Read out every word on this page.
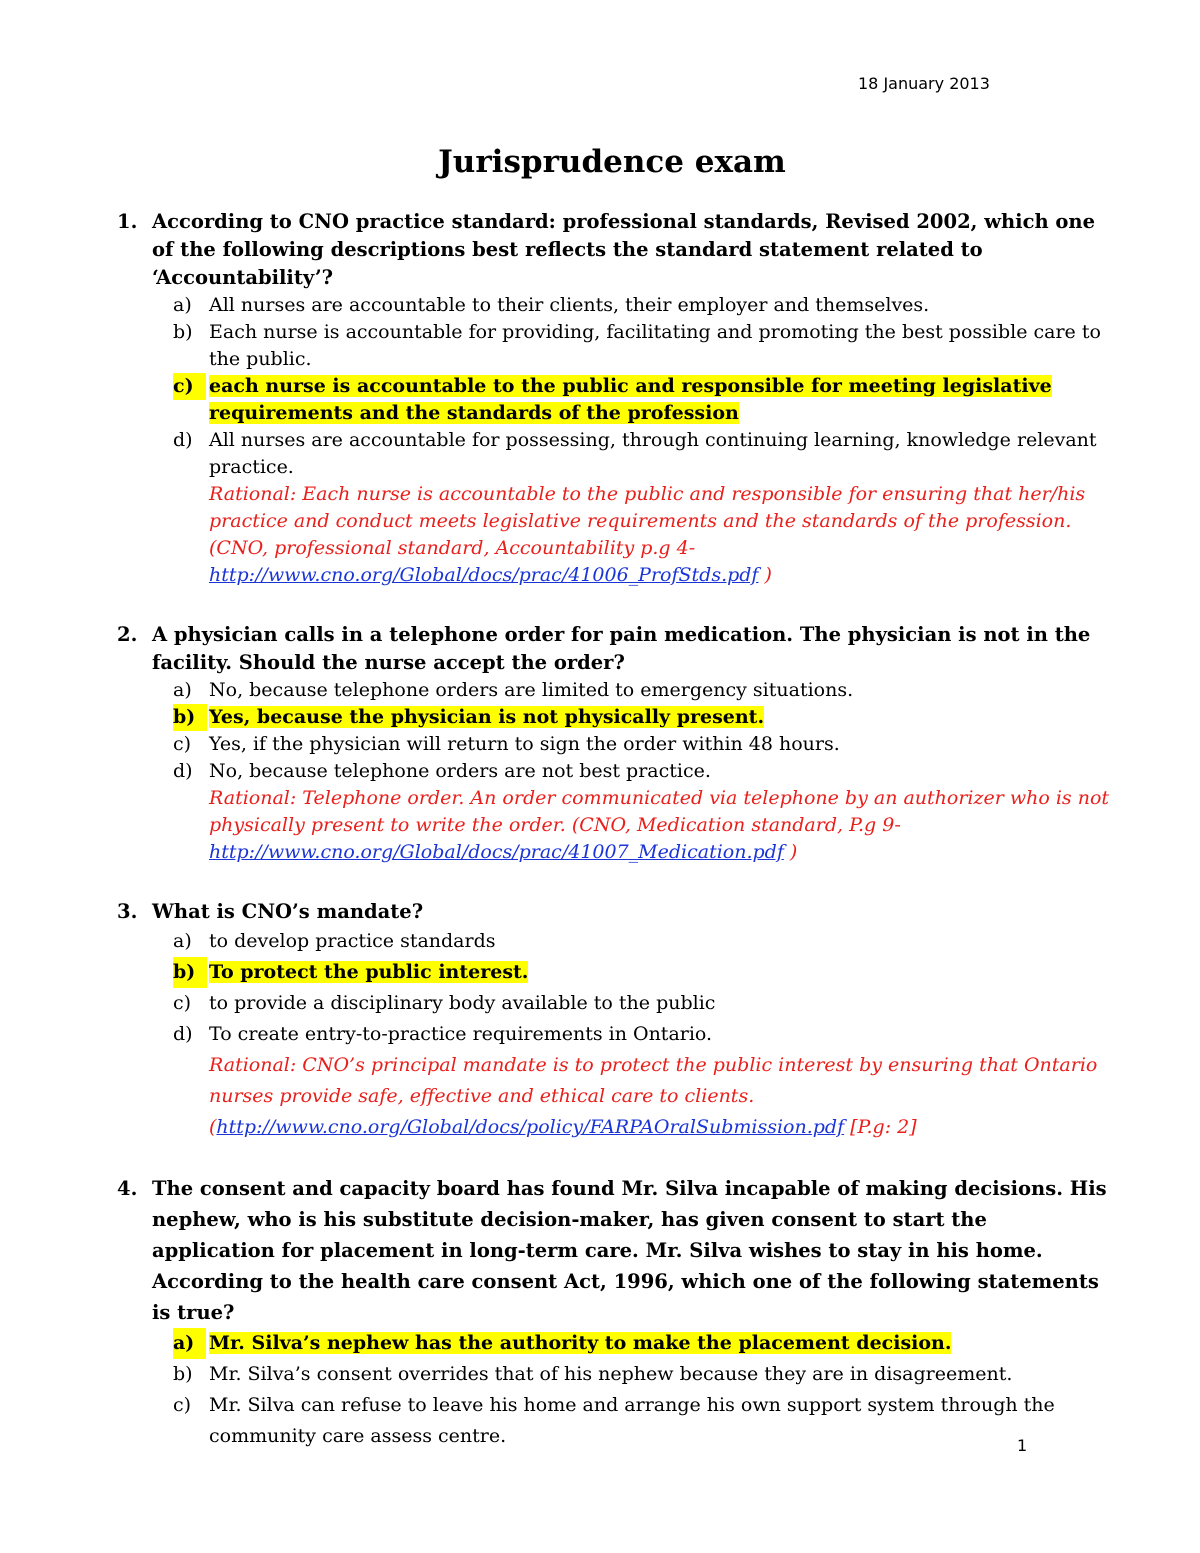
18 January 2013
Jurisprudence exam
1. According to CNO practice standard: professional standards, Revised 2002, which one of the following descriptions best reflects the standard statement related to ‘Accountability’?
a) All nurses are accountable to their clients, their employer and themselves.
b) Each nurse is accountable for providing, facilitating and promoting the best possible care to the public.
c) each nurse is accountable to the public and responsible for meeting legislative requirements and the standards of the profession
d) All nurses are accountable for possessing, through continuing learning, knowledge relevant practice.
Rational: Each nurse is accountable to the public and responsible for ensuring that her/his practice and conduct meets legislative requirements and the standards of the profession. (CNO, professional standard, Accountability p.g 4-
http://www.cno.org/Global/docs/prac/41006_ProfStds.pdf )
2. A physician calls in a telephone order for pain medication. The physician is not in the facility. Should the nurse accept the order?
a) No, because telephone orders are limited to emergency situations.
b) Yes, because the physician is not physically present.
c) Yes, if the physician will return to sign the order within 48 hours.
d) No, because telephone orders are not best practice.
Rational: Telephone order. An order communicated via telephone by an authorizer who is not physically present to write the order. (CNO, Medication standard, P.g 9-
http://www.cno.org/Global/docs/prac/41007_Medication.pdf )
3. What is CNO’s mandate?
a) to develop practice standards
b) To protect the public interest.
c) to provide a disciplinary body available to the public
d) To create entry-to-practice requirements in Ontario.
Rational: CNO’s principal mandate is to protect the public interest by ensuring that Ontario nurses provide safe, effective and ethical care to clients.
(http://www.cno.org/Global/docs/policy/FARPAOralSubmission.pdf [P.g: 2]
4. The consent and capacity board has found Mr. Silva incapable of making decisions. His nephew, who is his substitute decision-maker, has given consent to start the application for placement in long-term care. Mr. Silva wishes to stay in his home. According to the health care consent Act, 1996, which one of the following statements is true?
a) Mr. Silva’s nephew has the authority to make the placement decision.
b) Mr. Silva’s consent overrides that of his nephew because they are in disagreement.
c) Mr. Silva can refuse to leave his home and arrange his own support system through the community care assess centre.	1
